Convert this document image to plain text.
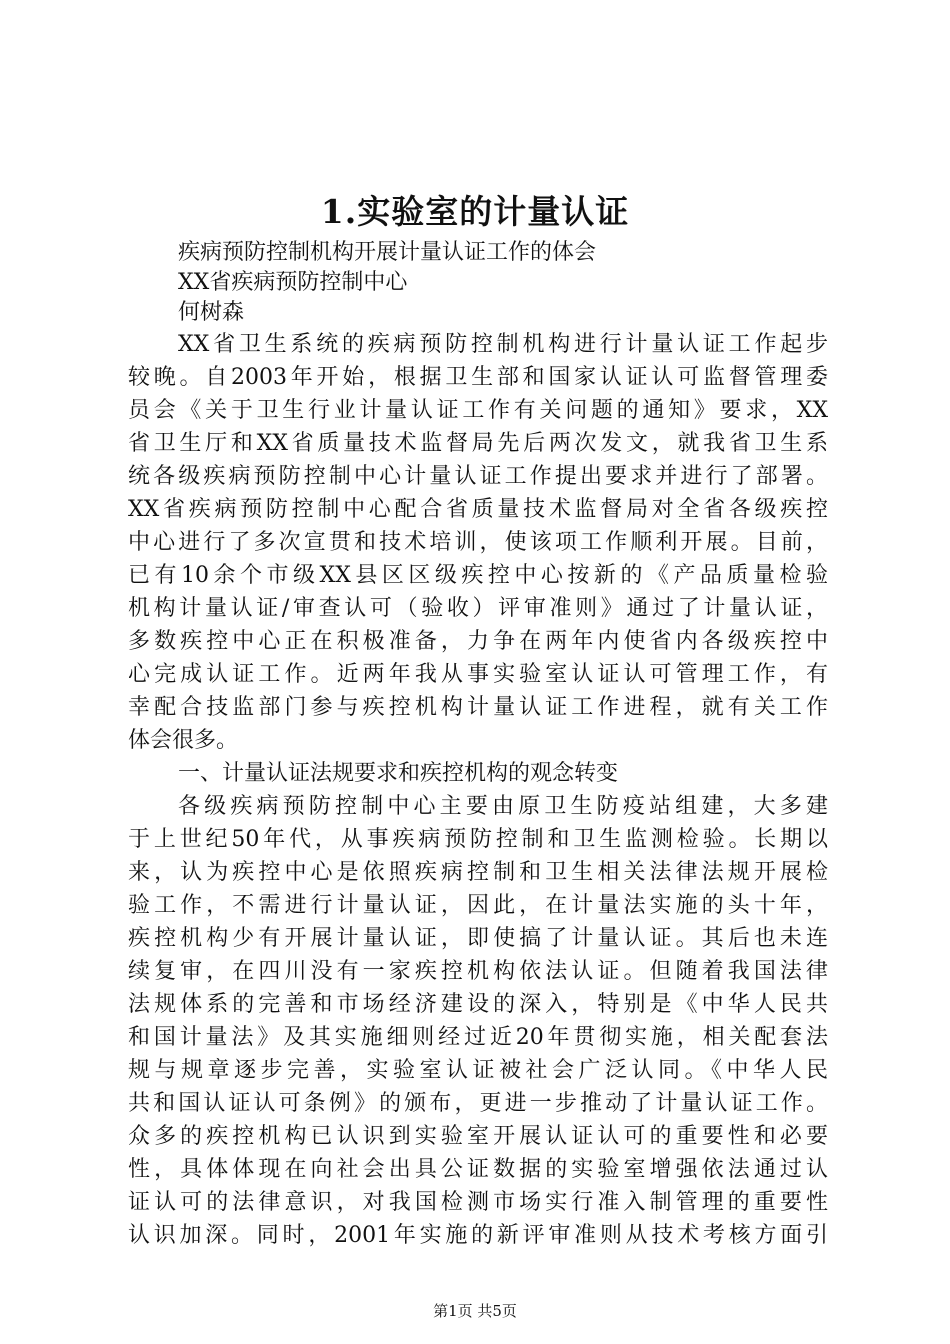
1.实验室的计量认证
疾病预防控制机构开展计量认证工作的体会
XX省疾病预防控制中心
何树森
XX省卫生系统的疾病预防控制机构进行计量认证工作起步
较晚。自2003年开始，根据卫生部和国家认证认可监督管理委
员会《关于卫生行业计量认证工作有关问题的通知》要求，XX
省卫生厅和XX省质量技术监督局先后两次发文，就我省卫生系
统各级疾病预防控制中心计量认证工作提出要求并进行了部署。
XX省疾病预防控制中心配合省质量技术监督局对全省各级疾控
中心进行了多次宣贯和技术培训，使该项工作顺利开展。目前，
已有10余个市级XX县区区级疾控中心按新的《产品质量检验
机构计量认证/审查认可（验收）评审准则》通过了计量认证，
多数疾控中心正在积极准备，力争在两年内使省内各级疾控中
心完成认证工作。近两年我从事实验室认证认可管理工作，有
幸配合技监部门参与疾控机构计量认证工作进程，就有关工作
体会很多。
一、计量认证法规要求和疾控机构的观念转变
各级疾病预防控制中心主要由原卫生防疫站组建，大多建
于上世纪50年代，从事疾病预防控制和卫生监测检验。长期以
来，认为疾控中心是依照疾病控制和卫生相关法律法规开展检
验工作，不需进行计量认证，因此，在计量法实施的头十年，
疾控机构少有开展计量认证，即使搞了计量认证。其后也未连
续复审，在四川没有一家疾控机构依法认证。但随着我国法律
法规体系的完善和市场经济建设的深入，特别是《中华人民共
和国计量法》及其实施细则经过近20年贯彻实施，相关配套法
规与规章逐步完善，实验室认证被社会广泛认同。《中华人民
共和国认证认可条例》的颁布，更进一步推动了计量认证工作。
众多的疾控机构已认识到实验室开展认证认可的重要性和必要
性，具体体现在向社会出具公证数据的实验室增强依法通过认
证认可的法律意识，对我国检测市场实行准入制管理的重要性
认识加深。同时，2001年实施的新评审准则从技术考核方面引
第1页 共5页
